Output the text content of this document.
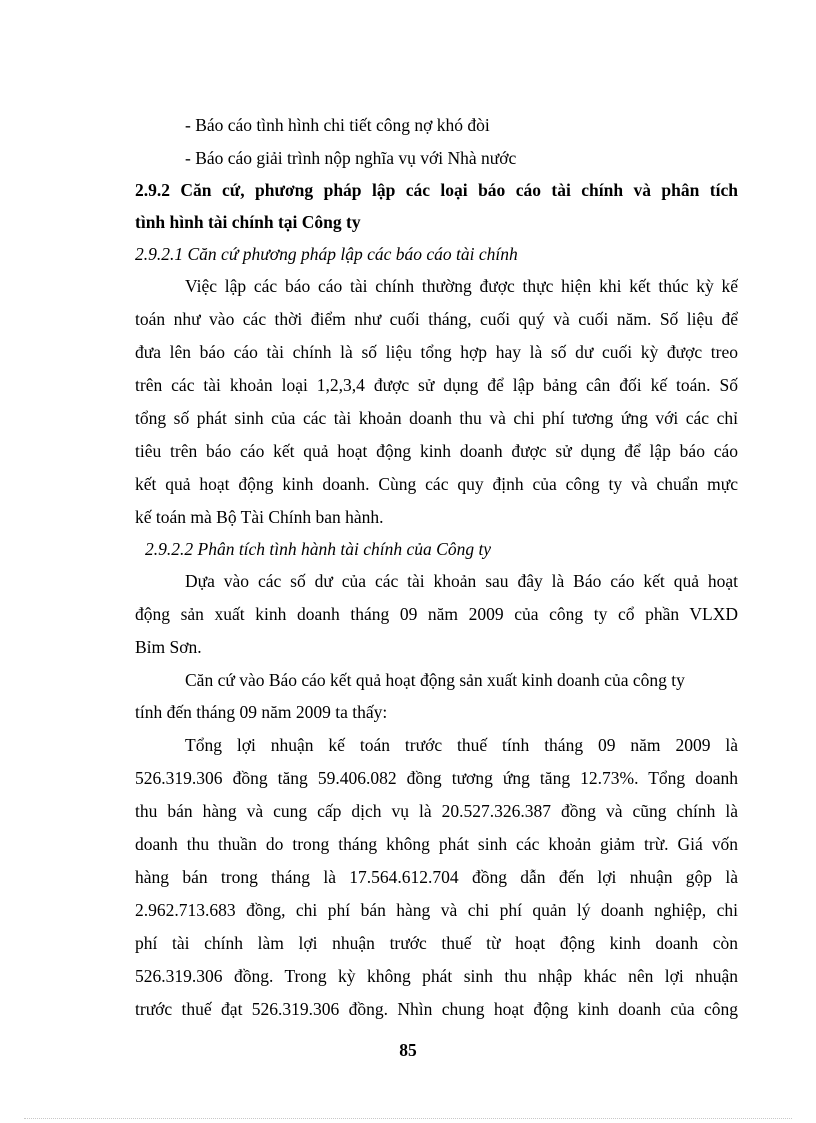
- Báo cáo tình hình chi tiết công nợ khó đòi
- Báo cáo giải trình nộp nghĩa vụ với Nhà nước
2.9.2 Căn cứ, phương pháp lập các loại báo cáo tài chính và phân tích
tình hình tài chính tại Công ty
2.9.2.1 Căn cứ phương pháp lập các báo cáo tài chính
Việc lập các báo cáo tài chính thường được thực hiện khi kết thúc kỳ kế
toán như vào các thời điểm như cuối tháng, cuối quý và cuối năm. Số liệu để
đưa lên báo cáo tài chính là số liệu tổng hợp hay là số dư cuối kỳ được treo
trên các tài khoản loại 1,2,3,4 được sử dụng để lập bảng cân đối kế toán. Số
tổng số phát sinh của các tài khoản doanh thu và chi phí tương ứng với các chỉ
tiêu trên báo cáo kết quả hoạt động kinh doanh được sử dụng để lập báo cáo
kết quả hoạt động kinh doanh. Cùng các quy định của công ty và chuẩn mực
kế toán mà Bộ Tài Chính ban hành.
2.9.2.2 Phân tích tình hành tài chính của Công ty
Dựa vào các số dư của các tài khoản sau đây là Báo cáo kết quả hoạt
động sản xuất kinh doanh tháng 09 năm 2009 của công ty cổ phần VLXD
Bỉm Sơn.
Căn cứ vào Báo cáo kết quả hoạt động sản xuất kinh doanh của công ty
tính đến tháng 09 năm 2009 ta thấy:
Tổng lợi nhuận kế toán trước thuế tính tháng 09 năm 2009 là
526.319.306 đồng tăng 59.406.082 đồng tương ứng tăng 12.73%. Tổng doanh
thu bán hàng và cung cấp dịch vụ là 20.527.326.387 đồng và cũng chính là
doanh thu thuần do trong tháng không phát sinh các khoản giảm trừ. Giá vốn
hàng bán trong tháng là 17.564.612.704 đồng dẫn đến lợi nhuận gộp là
2.962.713.683 đồng, chi phí bán hàng và chi phí quản lý doanh nghiệp, chi
phí tài chính làm lợi nhuận trước thuế từ hoạt động kinh doanh còn
526.319.306 đồng. Trong kỳ không phát sinh thu nhập khác nên lợi nhuận
trước thuế đạt 526.319.306 đồng. Nhìn chung hoạt động kinh doanh của công
85
